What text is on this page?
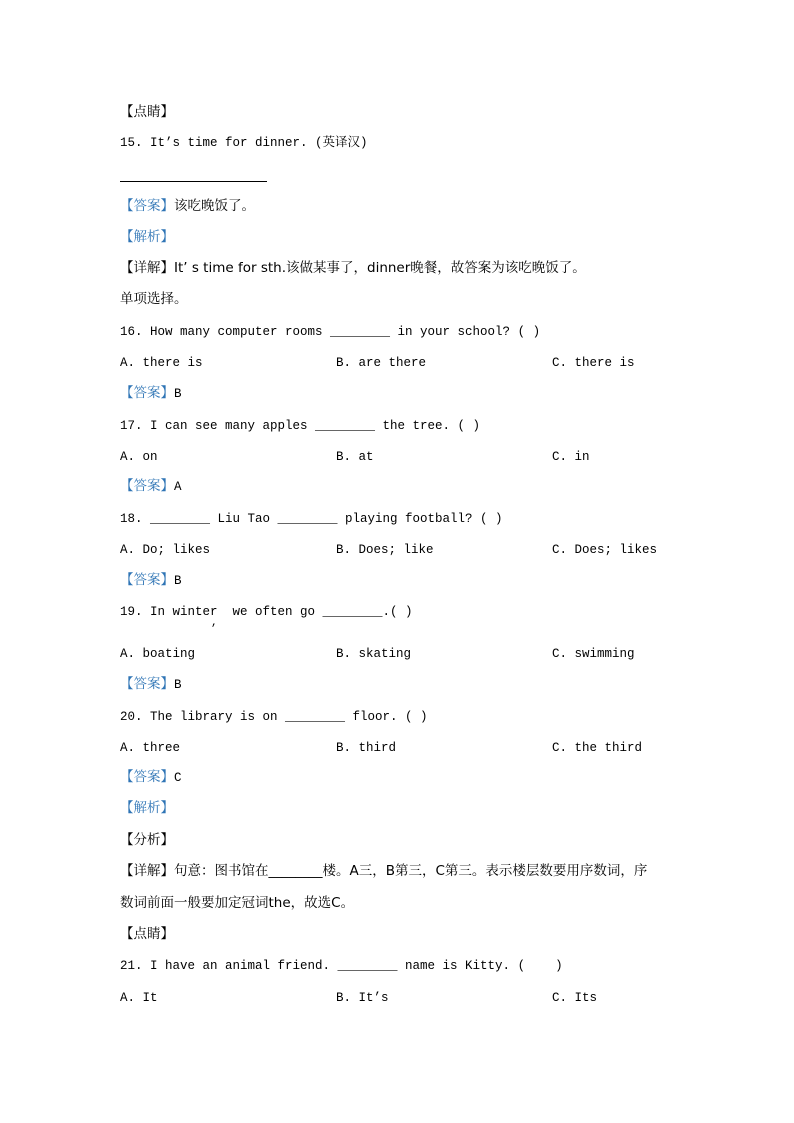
【点睛】
15. It’s time for dinner. (英译汉)
【答案】该吃晚饭了。
【解析】
【详解】It’ s time for sth.该做某事了，dinner晚餐，故答案为该吃晚饭了。
单项选择。
16. How many computer rooms ________ in your school? ( )
A. there is	B. are there	C. there is
【答案】B
17. I can see many apples ________ the tree. ( )
A. on	B. at	C. in
【答案】A
18. ________ Liu Tao ________ playing football? ( )
A. Do; likes	B. Does; like	C. Does; likes
【答案】B
19. In winter  we often go ________.( )
,
A. boating	B. skating	C. swimming
【答案】B
20. The library is on ________ floor. ( )
A. three	B. third	C. the third
【答案】C
【解析】
【分析】
【详解】句意：图书馆在________楼。A三，B第三，C第三。表示楼层数要用序数词，序
数词前面一般要加定冠词the，故选C。
【点睛】
21. I have an animal friend. ________ name is Kitty. (    )
A. It	B. It’s	C. Its
